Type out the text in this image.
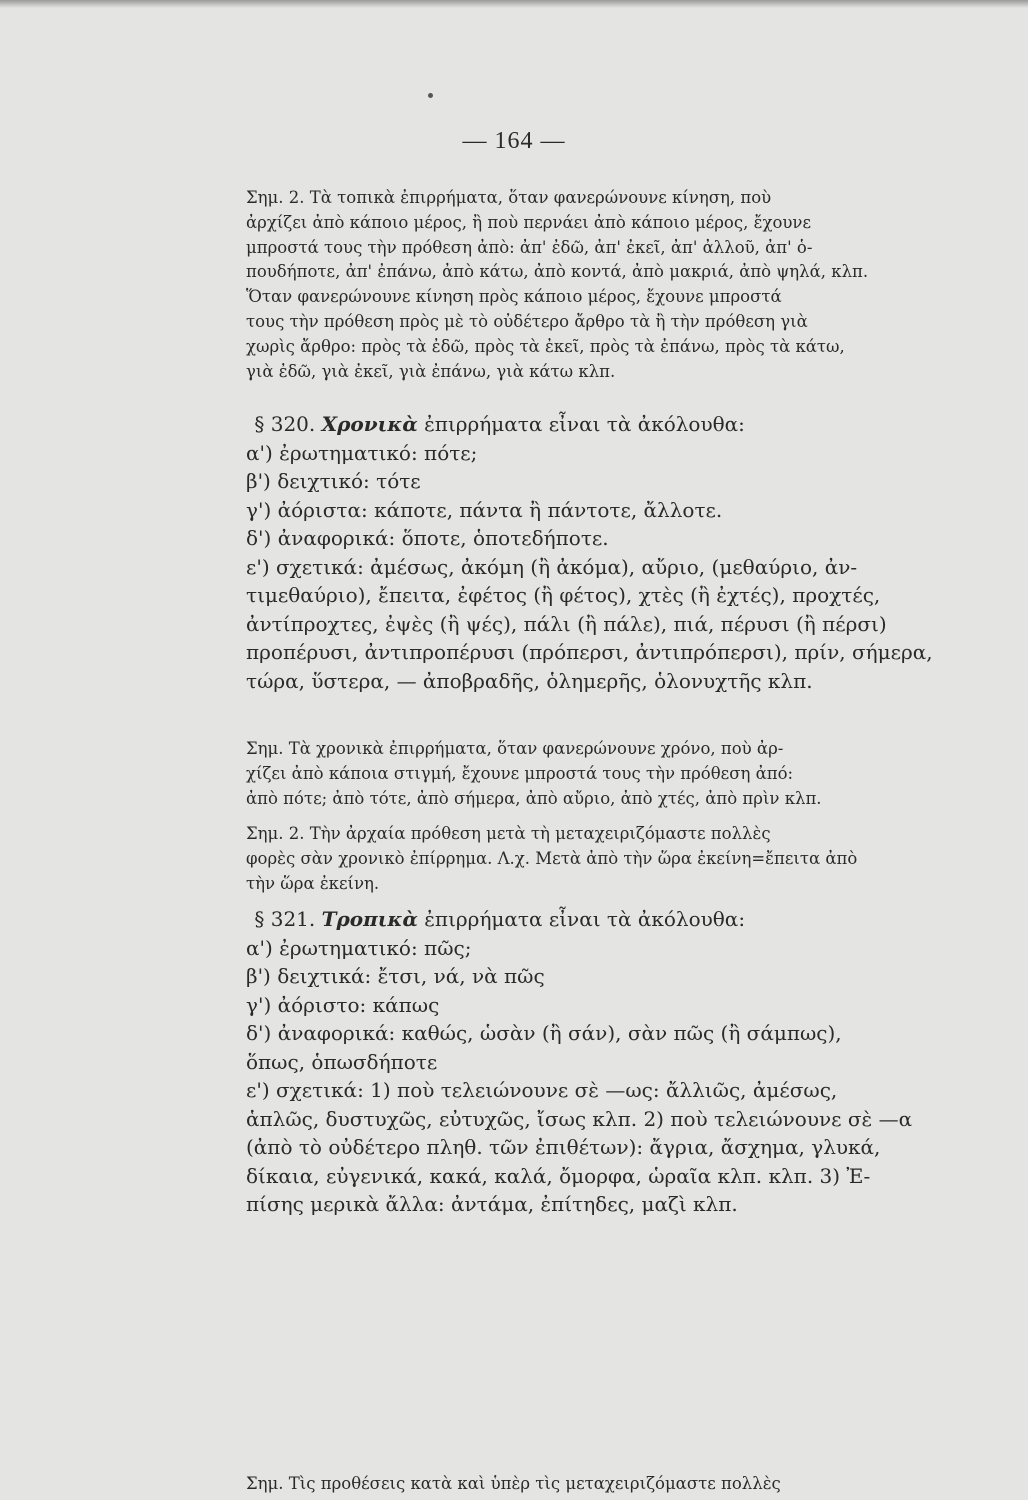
— 164 —

Σημ. 2. Τὰ τοπικὰ ἐπιρρήματα, ὅταν φανερώνουνε κίνηση, ποὺ
ἀρχίζει ἀπὸ κάποιο μέρος, ἢ ποὺ περνάει ἀπὸ κάποιο μέρος, ἔχουνε
μπροστά τους τὴν πρόθεση ἀπὸ: ἀπ' ἐδῶ, ἀπ' ἐκεῖ, ἀπ' ἀλλοῦ, ἀπ' ὁ-
πουδήποτε, ἀπ' ἐπάνω, ἀπὸ κάτω, ἀπὸ κοντά, ἀπὸ μακριά, ἀπὸ ψηλά, κλπ.
Ὅταν φανερώνουνε κίνηση πρὸς κάποιο μέρος, ἔχουνε μπροστά
τους τὴν πρόθεση πρὸς μὲ τὸ οὐδέτερο ἄρθρο τὰ ἢ τὴν πρόθεση γιὰ
χωρὶς ἄρθρο: πρὸς τὰ ἐδῶ, πρὸς τὰ ἐκεῖ, πρὸς τὰ ἐπάνω, πρὸς τὰ κάτω,
γιὰ ἐδῶ, γιὰ ἐκεῖ, γιὰ ἐπάνω, γιὰ κάτω κλπ.

§ 320. Χρονικὰ ἐπιρρήματα εἶναι τὰ ἀκόλουθα:

α') ἐρωτηματικό: πότε;
β') δειχτικό: τότε
γ') ἀόριστα: κάποτε, πάντα ἢ πάντοτε, ἄλλοτε.
δ') ἀναφορικά: ὅποτε, ὁποτεδήποτε.
ε') σχετικά: ἀμέσως, ἀκόμη (ἢ ἀκόμα), αὔριο, (μεθαύριο, ἀν-
τιμεθαύριο), ἔπειτα, ἐφέτος (ἢ φέτος), χτὲς (ἢ ἐχτές), προχτές,
ἀντίπροχτες, ἐψὲς (ἢ ψές), πάλι (ἢ πάλε), πιά, πέρυσι (ἢ πέρσι)
προπέρυσι, ἀντιπροπέρυσι (πρόπερσι, ἀντιπρόπερσι), πρίν, σήμερα,
τώρα, ὕστερα, — ἀποβραδῆς, ὁλημερῆς, ὁλονυχτῆς κλπ.

Σημ. Τὰ χρονικὰ ἐπιρρήματα, ὅταν φανερώνουνε χρόνο, ποὺ ἀρ-
χίζει ἀπὸ κάποια στιγμή, ἔχουνε μπροστά τους τὴν πρόθεση ἀπό:
ἀπὸ πότε; ἀπὸ τότε, ἀπὸ σήμερα, ἀπὸ αὔριο, ἀπὸ χτές, ἀπὸ πρὶν κλπ.

Σημ. 2. Τὴν ἀρχαία πρόθεση μετὰ τὴ μεταχειριζόμαστε πολλὲς
φορὲς σὰν χρονικὸ ἐπίρρημα. Λ.χ. Μετὰ ἀπὸ τὴν ὥρα ἐκείνη=ἔπειτα ἀπὸ
τὴν ὥρα ἐκείνη.

§ 321. Τροπικὰ ἐπιρρήματα εἶναι τὰ ἀκόλουθα:

α') ἐρωτηματικό: πῶς;
β') δειχτικά: ἔτσι, νά, νὰ πῶς
γ') ἀόριστο: κάπως
δ') ἀναφορικά: καθώς, ὡσὰν (ἢ σάν), σὰν πῶς (ἢ σάμπως),
ὅπως, ὁπωσδήποτε
ε') σχετικά: 1) ποὺ τελειώνουνε σὲ —ως: ἄλλιῶς, ἀμέσως,
ἁπλῶς, δυστυχῶς, εὐτυχῶς, ἴσως κλπ. 2) ποὺ τελειώνουνε σὲ —α
(ἀπὸ τὸ οὐδέτερο πληθ. τῶν ἐπιθέτων): ἄγρια, ἄσχημα, γλυκά,
δίκαια, εὐγενικά, κακά, καλά, ὄμορφα, ὡραῖα κλπ. κλπ. 3) Ἐ-
πίσης μερικὰ ἄλλα: ἀντάμα, ἐπίτηδες, μαζὶ κλπ.

Σημ. Τὶς προθέσεις κατὰ καὶ ὑπὲρ τὶς μεταχειριζόμαστε πολλὲς
